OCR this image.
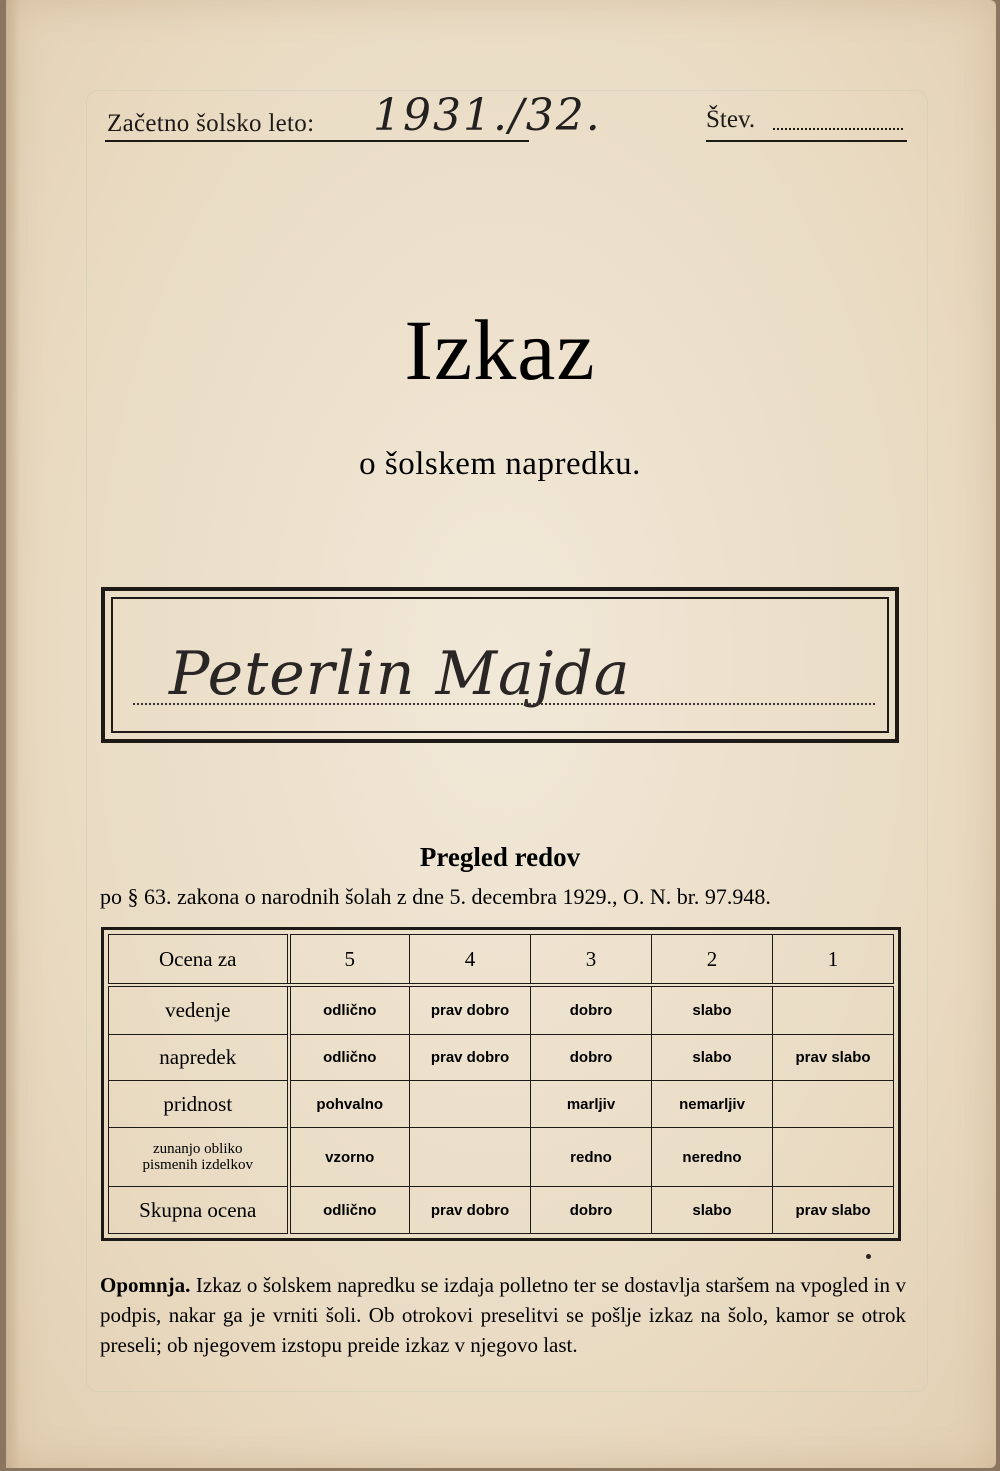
Začetno šolsko leto: 1931./32.	Štev.
Izkaz
o šolskem napredku.
Peterlin Majda
Pregled redov
po § 63. zakona o narodnih šolah z dne 5. decembra 1929., O. N. br. 97.948.
Ocena za	5	4	3	2	1
vedenje	odlično	prav dobro	dobro	slabo	
napredek	odlično	prav dobro	dobro	slabo	prav slabo
pridnost	pohvalno		marljiv	nemarljiv	
zunanjo obliko
pismenih izdelkov	vzorno		redno	neredno	
Skupna ocena	odlično	prav dobro	dobro	slabo	prav slabo
Opomnja. Izkaz o šolskem napredku se izdaja polletno ter se dostavlja staršem na vpogled in v podpis, nakar ga je vrniti šoli. Ob otrokovi preselitvi se pošlje izkaz na šolo, kamor se otrok preseli; ob njegovem izstopu preide izkaz v njegovo last.
